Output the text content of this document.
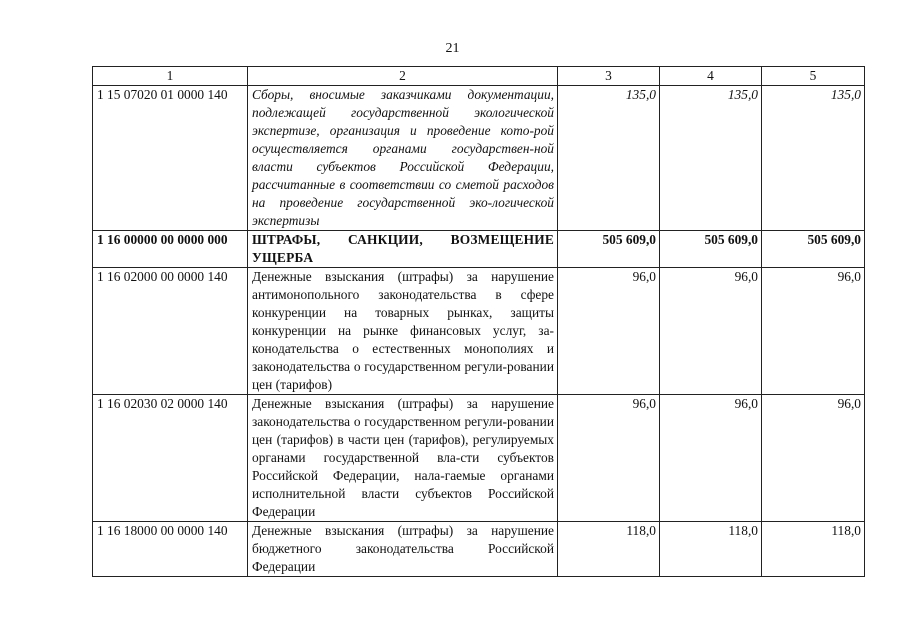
21
1	2	3	4	5
1 15 07020 01 0000 140	Сборы, вносимые заказчиками документации, подлежащей государственной экологической экспертизе, организация и проведение кото-рой осуществляется органами государствен-ной власти субъектов Российской Федерации, рассчитанные в соответствии со сметой расходов на проведение государственной эко-логической экспертизы	135,0	135,0	135,0
1 16 00000 00 0000 000	ШТРАФЫ, САНКЦИИ, ВОЗМЕЩЕНИЕ УЩЕРБА	505 609,0	505 609,0	505 609,0
1 16 02000 00 0000 140	Денежные взыскания (штрафы) за нарушение антимонопольного законодательства в сфере конкуренции на товарных рынках, защиты конкуренции на рынке финансовых услуг, за-конодательства о естественных монополиях и законодательства о государственном регули-ровании цен (тарифов)	96,0	96,0	96,0
1 16 02030 02 0000 140	Денежные взыскания (штрафы) за нарушение законодательства о государственном регули-ровании цен (тарифов) в части цен (тарифов), регулируемых органами государственной вла-сти субъектов Российской Федерации, нала-гаемые органами исполнительной власти субъектов Российской Федерации	96,0	96,0	96,0
1 16 18000 00 0000 140	Денежные взыскания (штрафы) за нарушение бюджетного законодательства Российской Федерации	118,0	118,0	118,0
